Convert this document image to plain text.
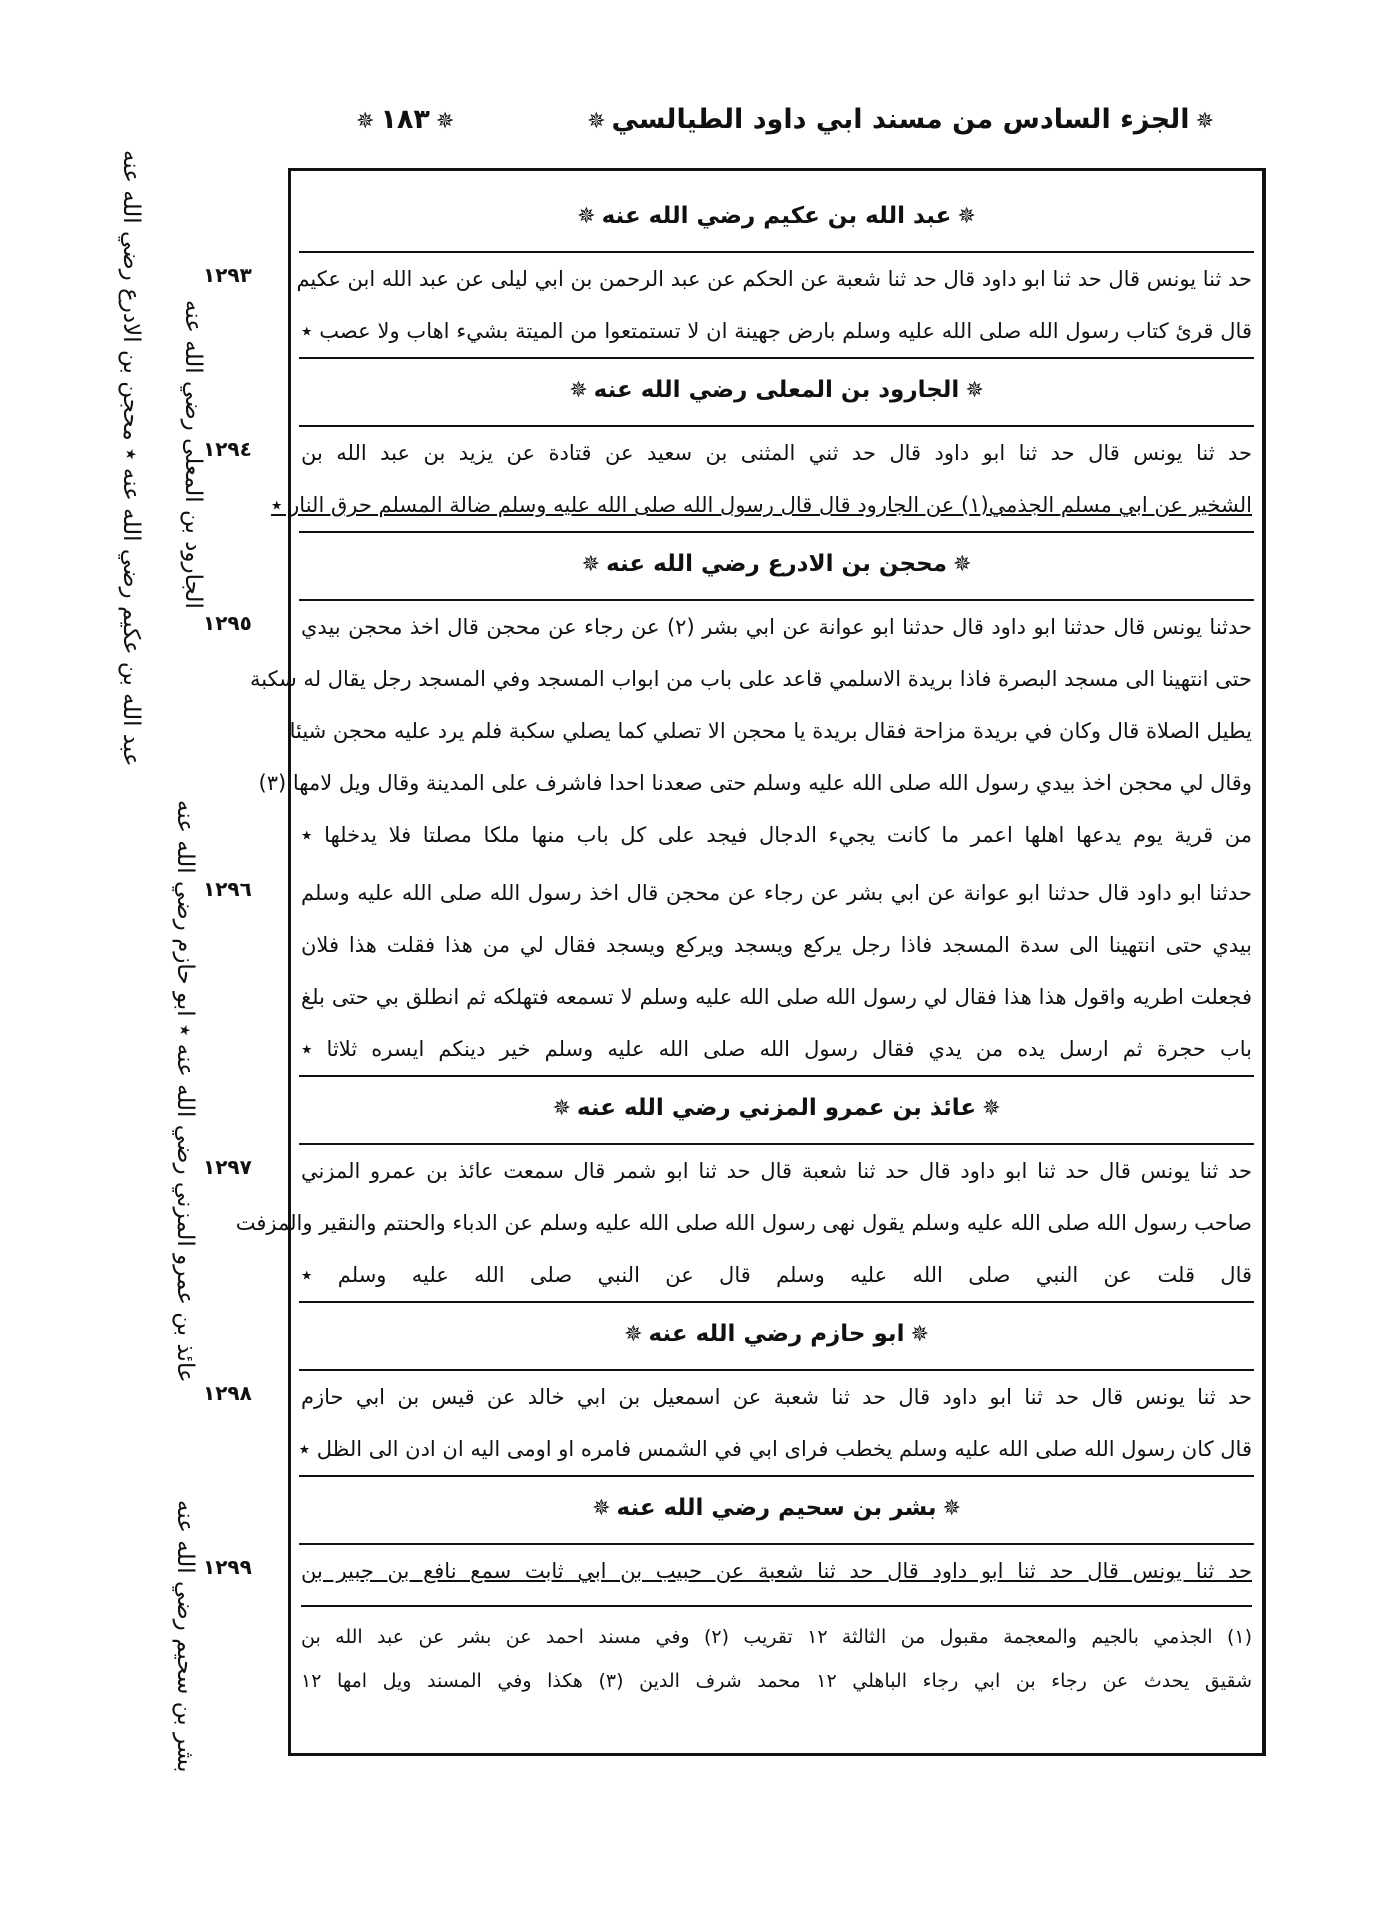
✵الجزء السادس من مسند ابي داود الطيالسي✵
✵١٨٣✵
عبد الله بن عكيم رضي الله عنه ٭ محجن بن الادرع رضي الله عنه الجارود بن المعلى رضي الله عنه
عائذ بن عمرو المزني رضي الله عنه ٭ ابو حازم رضي الله عنه
بشر بن سحيم رضي الله عنه
✵عبد الله بن عكيم رضي الله عنه✵
١٢٩٣	حد ثنا يونس قال حد ثنا ابو داود قال حد ثنا شعبة عن الحكم عن عبد الرحمن بن ابي ليلى عن عبد الله ابن عكيم
قال قرئ كتاب رسول الله صلى الله عليه وسلم بارض جهينة ان لا تستمتعوا من الميتة بشيء اهاب ولا عصب ٭
✵الجارود بن المعلى رضي الله عنه✵
١٢٩٤	حد ثنا يونس قال حد ثنا ابو داود قال حد ثني المثنى بن سعيد عن قتادة عن يزيد بن عبد الله بن
الشخير عن ابي مسلم الجذمي(١) عن الجارود قال قال رسول الله صلى الله عليه وسلم ضالة المسلم حرق النار ٭
✵محجن بن الادرع رضي الله عنه✵
١٢٩٥	حدثنا يونس قال حدثنا ابو داود قال حدثنا ابو عوانة عن ابي بشر (٢) عن رجاء عن محجن قال اخذ محجن بيدي
حتى انتهينا الى مسجد البصرة فاذا بريدة الاسلمي قاعد على باب من ابواب المسجد وفي المسجد رجل يقال له سكبة
يطيل الصلاة قال وكان في بريدة مزاحة فقال بريدة يا محجن الا تصلي كما يصلي سكبة فلم يرد عليه محجن شيئا
وقال لي محجن اخذ بيدي رسول الله صلى الله عليه وسلم حتى صعدنا احدا فاشرف على المدينة وقال ويل لامها (٣)
من قرية يوم يدعها اهلها اعمر ما كانت يجيء الدجال فيجد على كل باب منها ملكا مصلتا فلا يدخلها ٭
١٢٩٦	حدثنا ابو داود قال حدثنا ابو عوانة عن ابي بشر عن رجاء عن محجن قال اخذ رسول الله صلى الله عليه وسلم
بيدي حتى انتهينا الى سدة المسجد فاذا رجل يركع ويسجد ويركع ويسجد فقال لي من هذا فقلت هذا فلان
فجعلت اطريه واقول هذا هذا فقال لي رسول الله صلى الله عليه وسلم لا تسمعه فتهلكه ثم انطلق بي حتى بلغ
باب حجرة ثم ارسل يده من يدي فقال رسول الله صلى الله عليه وسلم خير دينكم ايسره ثلاثا ٭
✵عائذ بن عمرو المزني رضي الله عنه✵
١٢٩٧	حد ثنا يونس قال حد ثنا ابو داود قال حد ثنا شعبة قال حد ثنا ابو شمر قال سمعت عائذ بن عمرو المزني
صاحب رسول الله صلى الله عليه وسلم يقول نهى رسول الله صلى الله عليه وسلم عن الدباء والحنتم والنقير والمزفت
قال قلت عن النبي صلى الله عليه وسلم قال عن النبي صلى الله عليه وسلم ٭
✵ابو حازم رضي الله عنه✵
١٢٩٨	حد ثنا يونس قال حد ثنا ابو داود قال حد ثنا شعبة عن اسمعيل بن ابي خالد عن قيس بن ابي حازم
قال كان رسول الله صلى الله عليه وسلم يخطب فراى ابي في الشمس فامره او اومى اليه ان ادن الى الظل ٭
✵بشر بن سحيم رضي الله عنه✵
١٢٩٩	حد ثنا يونس قال حد ثنا ابو داود قال حد ثنا شعبة عن حبيب بن ابي ثابت سمع نافع بن جبير بن
(١) الجذمي بالجيم والمعجمة مقبول من الثالثة ١٢ تقريب (٢) وفي مسند احمد عن بشر عن عبد الله بن
شقيق يحدث عن رجاء بن ابي رجاء الباهلي ١٢ محمد شرف الدين (٣) هكذا وفي المسند ويل امها ١٢
